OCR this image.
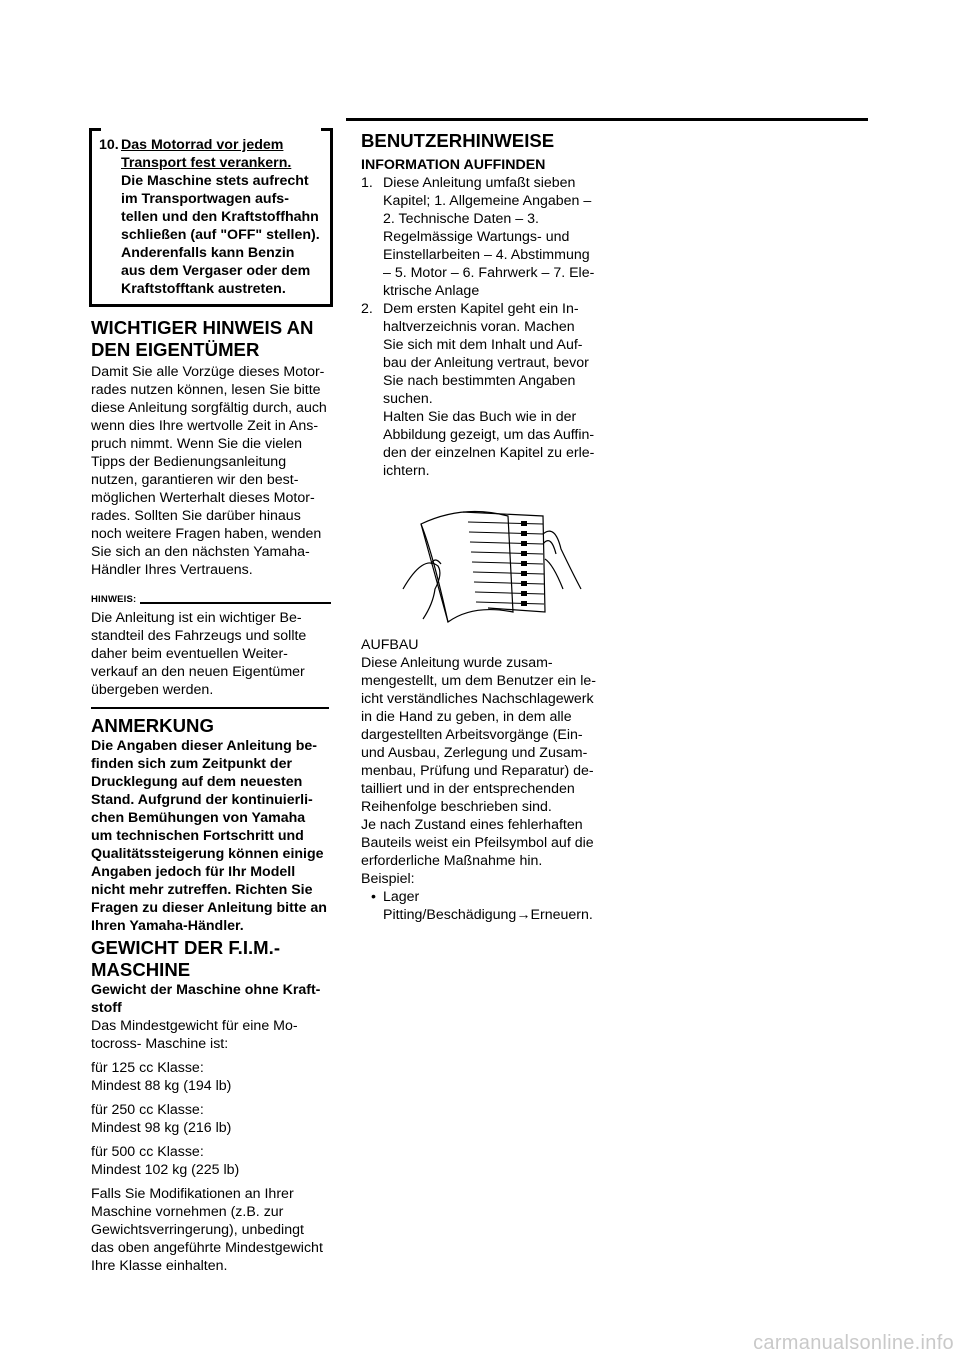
10. Das Motorrad vor jedem
Transport fest verankern.
Die Maschine stets aufrecht
im Transportwagen aufs-
tellen und den Kraftstoffhahn
schließen (auf "OFF" stellen).
Anderenfalls kann Benzin
aus dem Vergaser oder dem
Kraftstofftank austreten.
WICHTIGER HINWEIS AN
DEN EIGENTÜMER
Damit Sie alle Vorzüge dieses Motor-
rades nutzen können, lesen Sie bitte
diese Anleitung sorgfältig durch, auch
wenn dies Ihre wertvolle Zeit in Ans-
pruch nimmt. Wenn Sie die vielen
Tipps der Bedienungsanleitung
nutzen, garantieren wir den best-
möglichen Werterhalt dieses Motor-
rades. Sollten Sie darüber hinaus
noch weitere Fragen haben, wenden
Sie sich an den nächsten Yamaha-
Händler Ihres Vertrauens.
HINWEIS:
Die Anleitung ist ein wichtiger Be-
standteil des Fahrzeugs und sollte
daher beim eventuellen Weiter-
verkauf an den neuen Eigentümer
übergeben werden.
ANMERKUNG
Die Angaben dieser Anleitung be-
finden sich zum Zeitpunkt der
Drucklegung auf dem neuesten
Stand. Aufgrund der kontinuierli-
chen Bemühungen von Yamaha
um technischen Fortschritt und
Qualitätssteigerung können einige
Angaben jedoch für Ihr Modell
nicht mehr zutreffen. Richten Sie
Fragen zu dieser Anleitung bitte an
Ihren Yamaha-Händler.
GEWICHT DER F.I.M.-
MASCHINE
Gewicht der Maschine ohne Kraft-
stoff
Das Mindestgewicht für eine Mo-
tocross- Maschine ist:
für 125 cc Klasse:
Mindest 88 kg (194 lb)
für 250 cc Klasse:
Mindest 98 kg (216 lb)
für 500 cc Klasse:
Mindest 102 kg (225 lb)
Falls Sie Modifikationen an Ihrer
Maschine vornehmen (z.B. zur
Gewichtsverringerung), unbedingt
das oben angeführte Mindestgewicht
Ihre Klasse einhalten.
BENUTZERHINWEISE
INFORMATION AUFFINDEN
1. Diese Anleitung umfaßt sieben
Kapitel; 1. Allgemeine Angaben –
2. Technische Daten – 3.
Regelmässige Wartungs- und
Einstellarbeiten – 4. Abstimmung
– 5. Motor – 6. Fahrwerk – 7. Ele-
ktrische Anlage
2. Dem ersten Kapitel geht ein In-
haltverzeichnis voran. Machen
Sie sich mit dem Inhalt und Auf-
bau der Anleitung vertraut, bevor
Sie nach bestimmten Angaben
suchen.
Halten Sie das Buch wie in der
Abbildung gezeigt, um das Auffin-
den der einzelnen Kapitel zu erle-
ichtern.
AUFBAU
Diese Anleitung wurde zusam-
mengestellt, um dem Benutzer ein le-
icht verständliches Nachschlagewerk
in die Hand zu geben, in dem alle
dargestellten Arbeitsvorgänge (Ein-
und Ausbau, Zerlegung und Zusam-
menbau, Prüfung und Reparatur) de-
tailliert und in der entsprechenden
Reihenfolge beschrieben sind.
Je nach Zustand eines fehlerhaften
Bauteils weist ein Pfeilsymbol auf die
erforderliche Maßnahme hin.
Beispiel:
• Lager
Pitting/Beschädigung→Erneuern.
carmanualsonline.info
